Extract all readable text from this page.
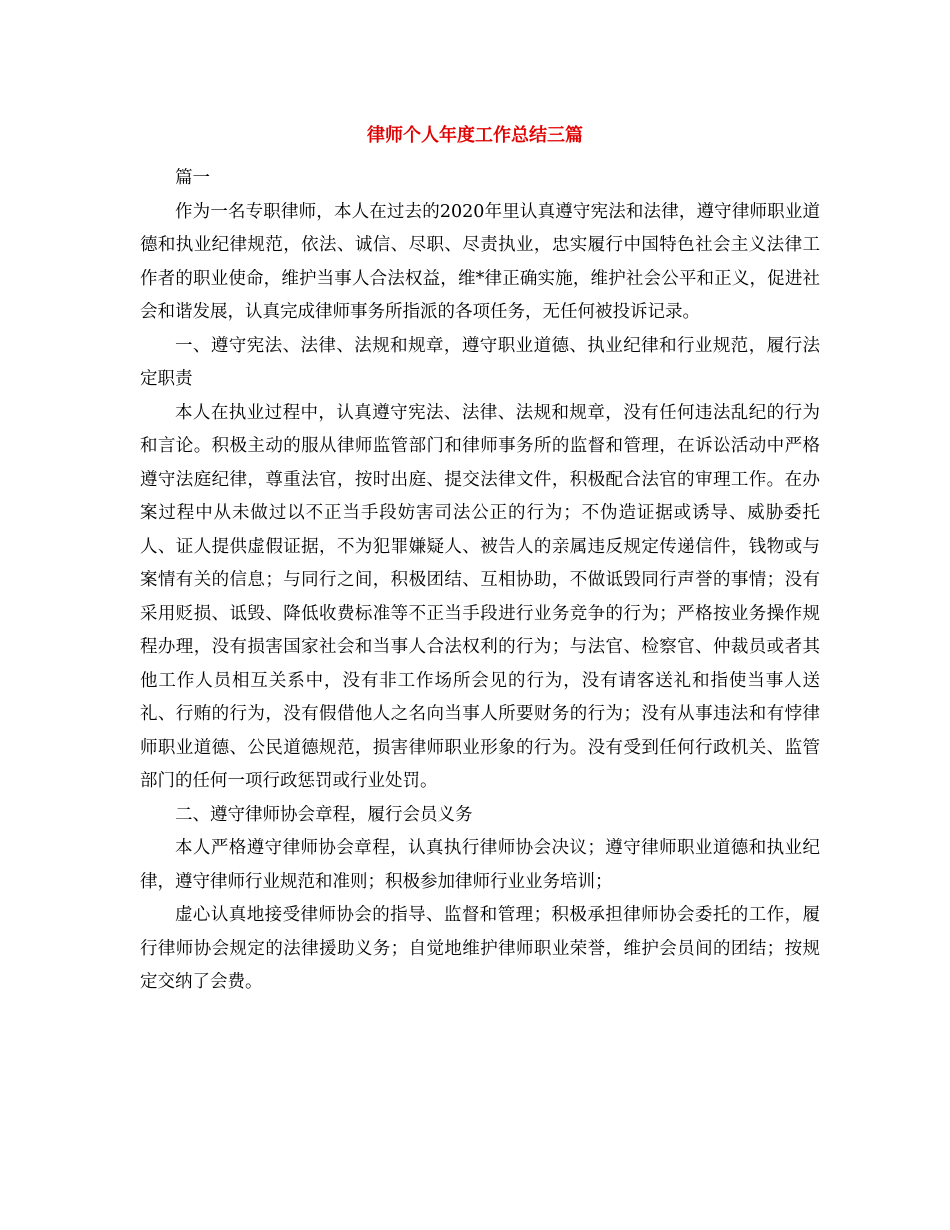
律师个人年度工作总结三篇

篇一

作为一名专职律师，本人在过去的2020年里认真遵守宪法和法律，遵守律师职业道德和执业纪律规范，依法、诚信、尽职、尽责执业，忠实履行中国特色社会主义法律工作者的职业使命，维护当事人合法权益，维*律正确实施，维护社会公平和正义，促进社会和谐发展，认真完成律师事务所指派的各项任务，无任何被投诉记录。

一、遵守宪法、法律、法规和规章，遵守职业道德、执业纪律和行业规范，履行法定职责

本人在执业过程中，认真遵守宪法、法律、法规和规章，没有任何违法乱纪的行为和言论。积极主动的服从律师监管部门和律师事务所的监督和管理，在诉讼活动中严格遵守法庭纪律，尊重法官，按时出庭、提交法律文件，积极配合法官的审理工作。在办案过程中从未做过以不正当手段妨害司法公正的行为；不伪造证据或诱导、威胁委托人、证人提供虚假证据，不为犯罪嫌疑人、被告人的亲属违反规定传递信件，钱物或与案情有关的信息；与同行之间，积极团结、互相协助，不做诋毁同行声誉的事情；没有采用贬损、诋毁、降低收费标准等不正当手段进行业务竞争的行为；严格按业务操作规程办理，没有损害国家社会和当事人合法权利的行为；与法官、检察官、仲裁员或者其他工作人员相互关系中，没有非工作场所会见的行为，没有请客送礼和指使当事人送礼、行贿的行为，没有假借他人之名向当事人所要财务的行为；没有从事违法和有悖律师职业道德、公民道德规范，损害律师职业形象的行为。没有受到任何行政机关、监管部门的任何一项行政惩罚或行业处罚。

二、遵守律师协会章程，履行会员义务

本人严格遵守律师协会章程，认真执行律师协会决议；遵守律师职业道德和执业纪律，遵守律师行业规范和准则；积极参加律师行业业务培训；

虚心认真地接受律师协会的指导、监督和管理；积极承担律师协会委托的工作，履行律师协会规定的法律援助义务；自觉地维护律师职业荣誉，维护会员间的团结；按规定交纳了会费。
